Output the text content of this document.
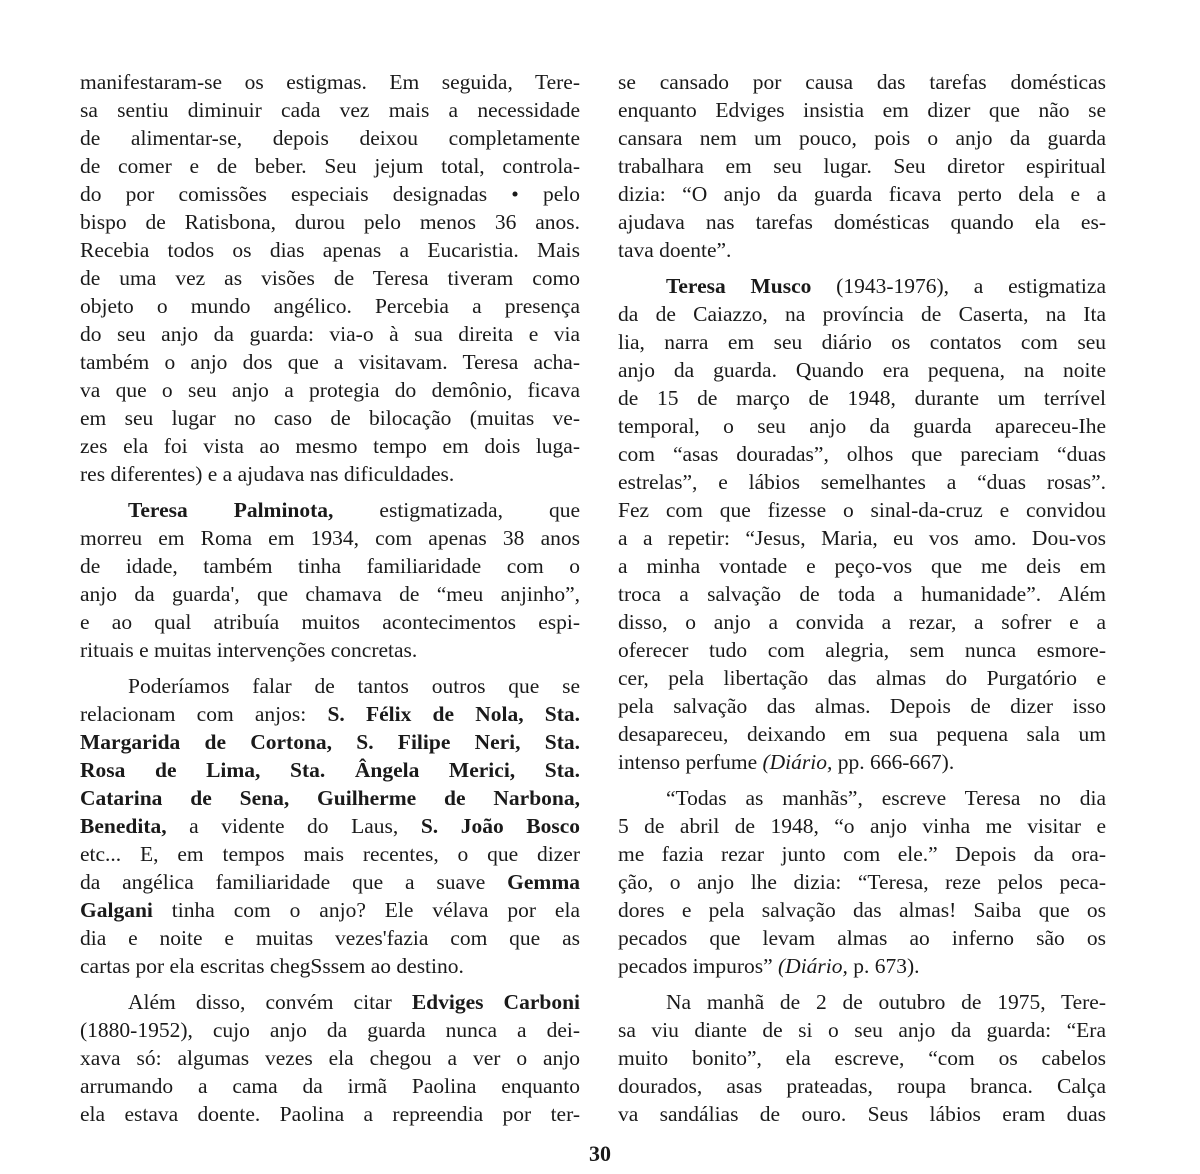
manifestaram-se os estigmas. Em seguida, Tere-
sa sentiu diminuir cada vez mais a necessidade
de alimentar-se, depois deixou completamente
de comer e de beber. Seu jejum total, controla-
do por comissões especiais designadas • pelo
bispo de Ratisbona, durou pelo menos 36 anos.
Recebia todos os dias apenas a Eucaristia. Mais
de uma vez as visões de Teresa tiveram como
objeto o mundo angélico. Percebia a presença
do seu anjo da guarda: via-o à sua direita e via
também o anjo dos que a visitavam. Teresa acha-
va que o seu anjo a protegia do demônio, ficava
em seu lugar no caso de bilocação (muitas ve-
zes ela foi vista ao mesmo tempo em dois luga-
res diferentes) e a ajudava nas dificuldades.
Teresa Palminota, estigmatizada, que
morreu em Roma em 1934, com apenas 38 anos
de idade, também tinha familiaridade com o
anjo da guarda', que chamava de “meu anjinho”,
e ao qual atribuía muitos acontecimentos espi-
rituais e muitas intervenções concretas.
Poderíamos falar de tantos outros que se
relacionam com anjos: S. Félix de Nola, Sta.
Margarida de Cortona, S. Filipe Neri, Sta.
Rosa de Lima, Sta. Ângela Merici, Sta.
Catarina de Sena, Guilherme de Narbona,
Benedita, a vidente do Laus, S. João Bosco
etc... E, em tempos mais recentes, o que dizer
da angélica familiaridade que a suave Gemma
Galgani tinha com o anjo? Ele vélava por ela
dia e noite e muitas vezes'fazia com que as
cartas por ela escritas chegSssem ao destino.
Além disso, convém citar Edviges Carboni
(1880-1952), cujo anjo da guarda nunca a dei-
xava só: algumas vezes ela chegou a ver o anjo
arrumando a cama da irmã Paolina enquanto
ela estava doente. Paolina a repreendia por ter-
se cansado por causa das tarefas domésticas
enquanto Edviges insistia em dizer que não se
cansara nem um pouco, pois o anjo da guarda
trabalhara em seu lugar. Seu diretor espiritual
dizia: “O anjo da guarda ficava perto dela e a
ajudava nas tarefas domésticas quando ela es-
tava doente”.
Teresa Musco (1943-1976), a estigmatiza
da de Caiazzo, na província de Caserta, na Ita
lia, narra em seu diário os contatos com seu
anjo da guarda. Quando era pequena, na noite
de 15 de março de 1948, durante um terrível
temporal, o seu anjo da guarda apareceu-Ihe
com “asas douradas”, olhos que pareciam “duas
estrelas”, e lábios semelhantes a “duas rosas”.
Fez com que fizesse o sinal-da-cruz e convidou
a a repetir: “Jesus, Maria, eu vos amo. Dou-vos
a minha vontade e peço-vos que me deis em
troca a salvação de toda a humanidade”. Além
disso, o anjo a convida a rezar, a sofrer e a
oferecer tudo com alegria, sem nunca esmore-
cer, pela libertação das almas do Purgatório e
pela salvação das almas. Depois de dizer isso
desapareceu, deixando em sua pequena sala um
intenso perfume (Diário, pp. 666-667).
“Todas as manhãs”, escreve Teresa no dia
5 de abril de 1948, “o anjo vinha me visitar e
me fazia rezar junto com ele.” Depois da ora-
ção, o anjo lhe dizia: “Teresa, reze pelos peca-
dores e pela salvação das almas! Saiba que os
pecados que levam almas ao inferno são os
pecados impuros” (Diário, p. 673).
Na manhã de 2 de outubro de 1975, Tere-
sa viu diante de si o seu anjo da guarda: “Era
muito bonito”, ela escreve, “com os cabelos
dourados, asas prateadas, roupa branca. Calça
va sandálias de ouro. Seus lábios eram duas
30
